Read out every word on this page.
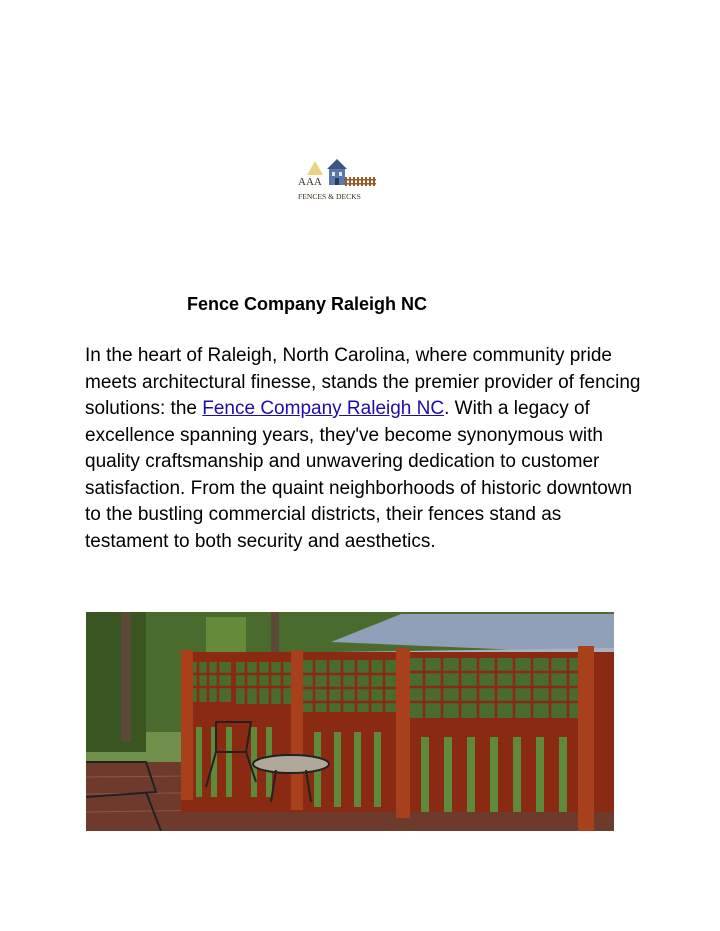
AAA
FENCES & DECKS
Fence Company Raleigh NC

In the heart of Raleigh, North Carolina, where community pride meets architectural finesse, stands the premier provider of fencing solutions: the Fence Company Raleigh NC. With a legacy of excellence spanning years, they've become synonymous with quality craftsmanship and unwavering dedication to customer satisfaction. From the quaint neighborhoods of historic downtown to the bustling commercial districts, their fences stand as testament to both security and aesthetics.
